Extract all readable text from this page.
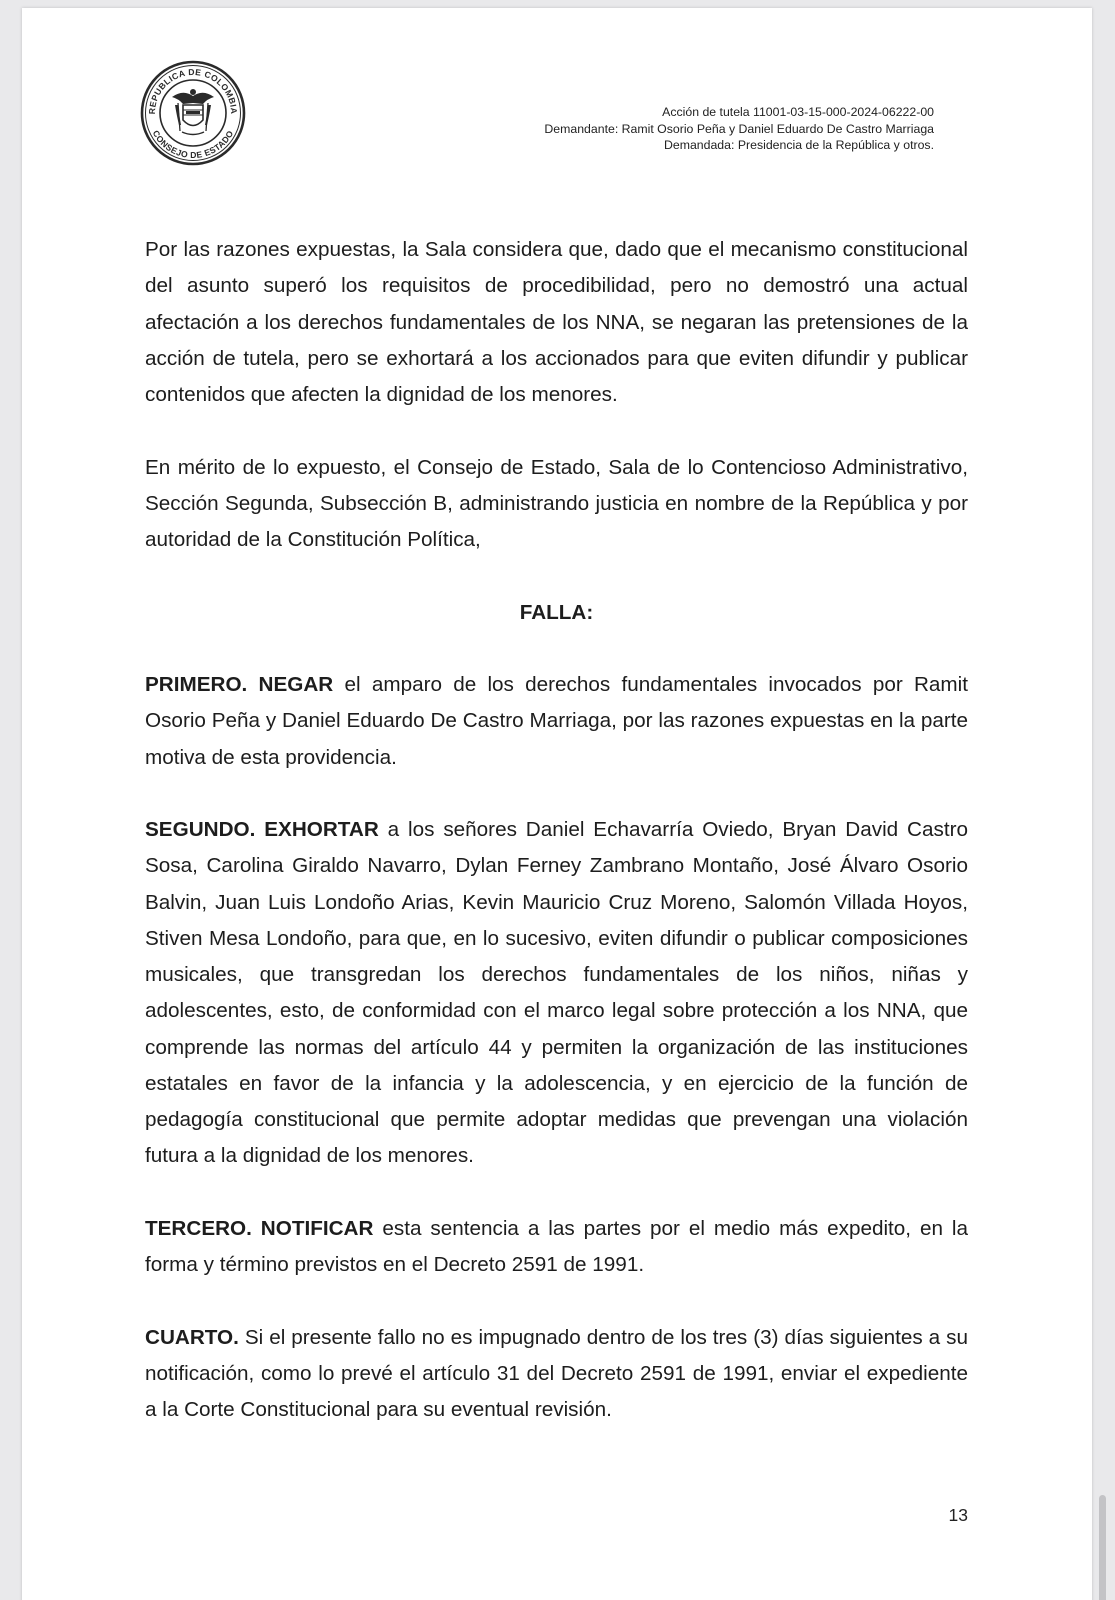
REPUBLICA DE COLOMBIA
CONSEJO DE ESTADO
Acción de tutela 11001-03-15-000-2024-06222-00
Demandante: Ramit Osorio Peña y Daniel Eduardo De Castro Marriaga
Demandada: Presidencia de la República y otros.
Por las razones expuestas, la Sala considera que, dado que el mecanismo constitucional
del asunto superó los requisitos de procedibilidad, pero no demostró una actual
afectación a los derechos fundamentales de los NNA, se negaran las pretensiones de la
acción de tutela, pero se exhortará a los accionados para que eviten difundir y publicar
contenidos que afecten la dignidad de los menores.
En mérito de lo expuesto, el Consejo de Estado, Sala de lo Contencioso Administrativo,
Sección Segunda, Subsección B, administrando justicia en nombre de la República y por
autoridad de la Constitución Política,
FALLA:
PRIMERO. NEGAR el amparo de los derechos fundamentales invocados por Ramit
Osorio Peña y Daniel Eduardo De Castro Marriaga, por las razones expuestas en la parte
motiva de esta providencia.
SEGUNDO. EXHORTAR a los señores Daniel Echavarría Oviedo, Bryan David Castro
Sosa, Carolina Giraldo Navarro, Dylan Ferney Zambrano Montaño, José Álvaro Osorio
Balvin, Juan Luis Londoño Arias, Kevin Mauricio Cruz Moreno, Salomón Villada Hoyos,
Stiven Mesa Londoño, para que, en lo sucesivo, eviten difundir o publicar composiciones
musicales, que transgredan los derechos fundamentales de los niños, niñas y
adolescentes, esto, de conformidad con el marco legal sobre protección a los NNA, que
comprende las normas del artículo 44 y permiten la organización de las instituciones
estatales en favor de la infancia y la adolescencia, y en ejercicio de la función de
pedagogía constitucional que permite adoptar medidas que prevengan una violación
futura a la dignidad de los menores.
TERCERO. NOTIFICAR esta sentencia a las partes por el medio más expedito, en la
forma y término previstos en el Decreto 2591 de 1991.
CUARTO. Si el presente fallo no es impugnado dentro de los tres (3) días siguientes a su
notificación, como lo prevé el artículo 31 del Decreto 2591 de 1991, enviar el expediente
a la Corte Constitucional para su eventual revisión.
13
